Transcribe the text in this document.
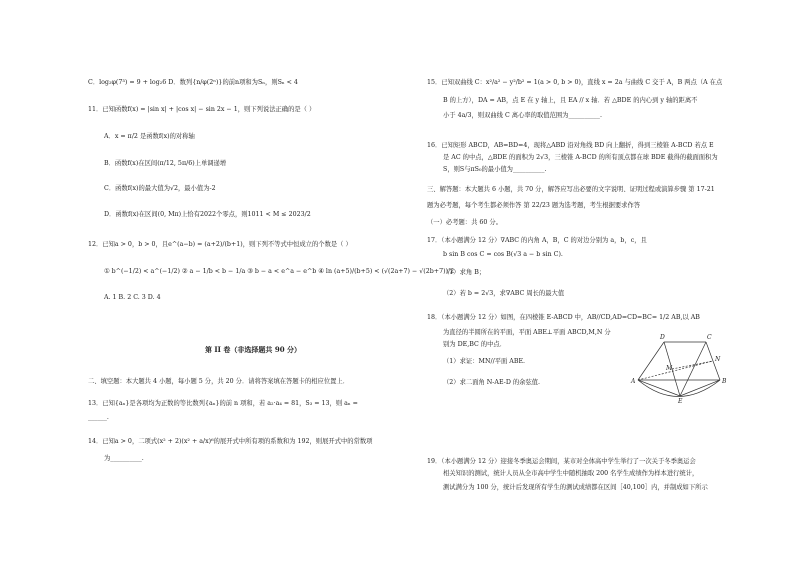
C．log₂φ(7³) = 9 + log₂6 D．数列{n/φ(2ⁿ)}的前n项和为Sₙ，则Sₙ < 4
11．已知函数f(x) = |sin x| + |cos x| − sin 2x − 1，则下列说法正确的是（ ）
A．x = π/2 是函数f(x)的对称轴
B．函数f(x)在区间(π/12, 5π/6)上单调递增
C．函数f(x)的最大值为√2，最小值为-2
D．函数f(x)在区间(0, Mπ)上恰有2022个零点，则1011 < M ≤ 2023/2
12．已知a > 0，b > 0，且e^(a−b) = (a+2)/(b+1)，则下列不等式中恒成立的个数是（ ）
① b^(−1/2) < a^(−1/2) ② a − 1/b < b − 1/a ③ b − a < e^a − e^b ④ ln (a+5)/(b+5) < (√(2a+7) − √(2b+7))/2
A. 1 B. 2 C. 3 D. 4
第 II 卷（非选择题共 90 分）
二、填空题：本大题共 4 小题，每小题 5 分，共 20 分．请将答案填在答题卡的相应位置上．
13．已知{aₙ}是各项均为正数的等比数列{aₙ}的前 n 项和，若 a₂·a₄ = 81，S₃ = 13，则 aₙ =
______.
14．已知a > 0，二项式(x² + 2)(x² + a/x)⁶的展开式中所有项的系数和为 192，则展开式中的常数项
为__________.
15．已知双曲线 C：x²/a² − y²/b² = 1(a > 0, b > 0)，直线 x = 2a 与曲线 C 交于 A，B 两点（A 在点
B 的上方），DA = AB，点 E 在 y 轴上，且 EA // x 轴．若 △BDE 的内心到 y 轴的距离不
小于 4a/3，则双曲线 C 离心率的取值范围为__________.
16．已知矩形 ABCD，AB=BD=4，现将△ABD 沿对角线 BD 向上翻折，得到三棱锥 A-BCD 若点 E
是 AC 的中点，△BDE 的面积为 2√3，三棱锥 A-BCD 的所有顶点都在球 BDE 截得的截面面积为
S，则S与πS₀的最小值为__________.
三、解答题：本大题共 6 小题，共 70 分，解答应写出必要的文字说明、证明过程或演算步骤 第 17-21
题为必考题，每个考生都必须作答 第 22/23 题为选考题，考生根据要求作答
（一）必考题：共 60 分。
17．（本小题满分 12 分）∇ABC 的内角 A，B，C 的对边分别为 a，b，c，且
b sin B cos C = cos B(√3 a − b sin C).
（1）求角 B；
（2）若 b = 2√3，求∇ABC 周长的最大值
18．（本小题满分 12 分）如图，在四棱锥 E-ABCD 中，AB//CD,AD=CD=BC= 1/2 AB,以 AB
为直径的半圆所在的平面，平面 ABE⊥平面 ABCD,M,N 分
别为 DE,BC 的中点．
（1）求证：MN//平面 ABE.
（2）求二面角 N-AE-D 的余弦值.
19．（本小题满分 12 分）迎接冬季奥运会期间，某市对全体高中学生举行了一次关于冬季奥运会
相关知识的测试，统计人员从全市高中学生中随机抽取 200 名学生成绩作为样本进行统计，
测试满分为 100 分，统计后发现所有学生的测试成绩都在区间［40,100］内，并制成如下所示
A	B
C
D
E
M
N
